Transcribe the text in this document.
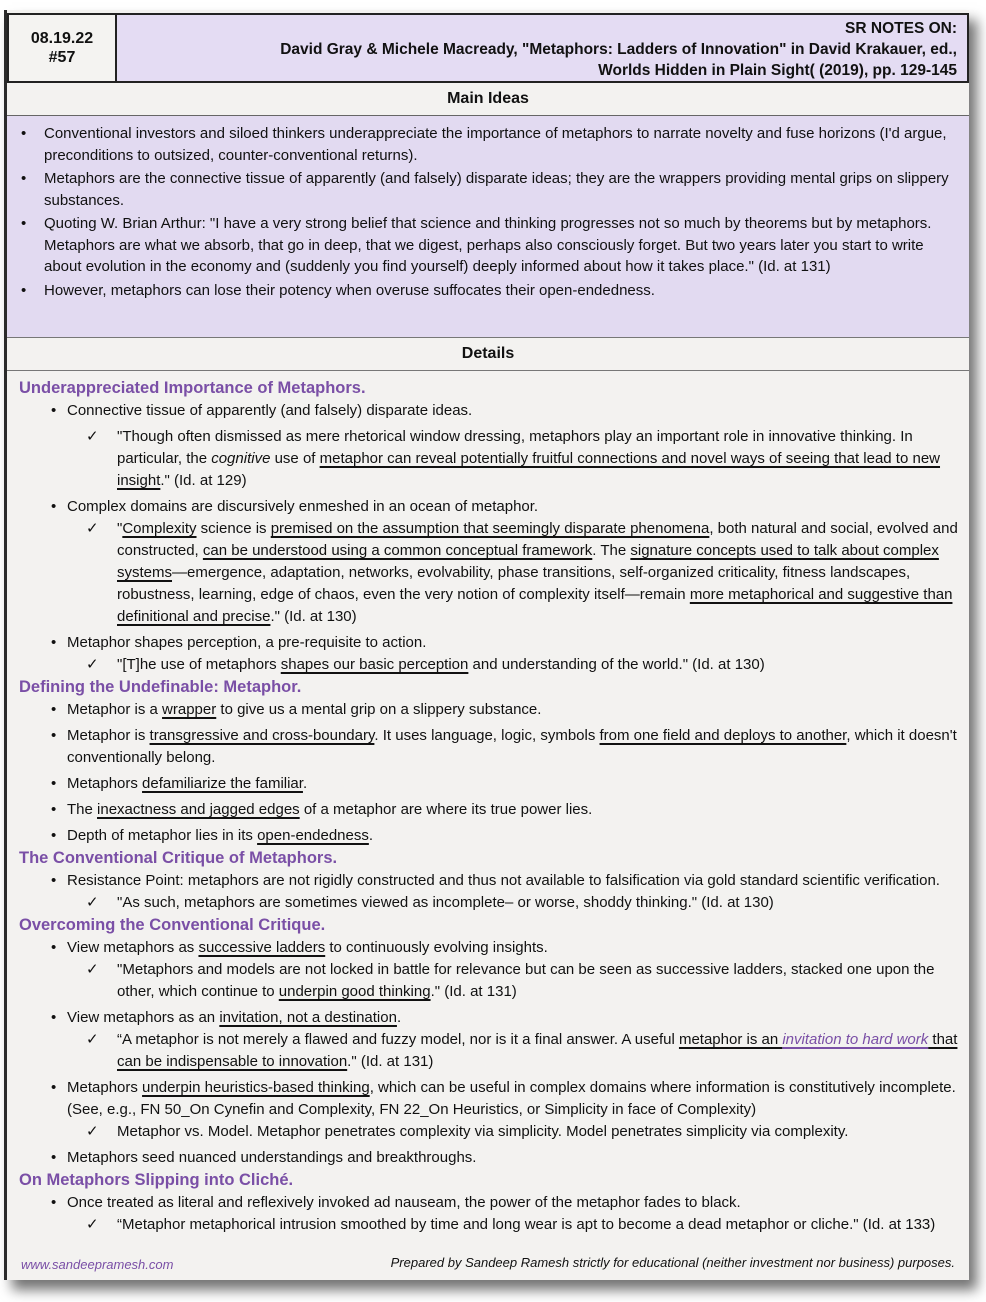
08.19.22
#57
SR NOTES ON:
David Gray & Michele Macready, "Metaphors: Ladders of Innovation" in David Krakauer, ed.,
Worlds Hidden in Plain Sight( (2019), pp. 129-145
Main Ideas
• Conventional investors and siloed thinkers underappreciate the importance of metaphors to narrate novelty and fuse horizons (I'd argue, preconditions to outsized, counter-conventional returns).
• Metaphors are the connective tissue of apparently (and falsely) disparate ideas; they are the wrappers providing mental grips on slippery substances.
• Quoting W. Brian Arthur: "I have a very strong belief that science and thinking progresses not so much by theorems but by metaphors. Metaphors are what we absorb, that go in deep, that we digest, perhaps also consciously forget. But two years later you start to write about evolution in the economy and (suddenly you find yourself) deeply informed about how it takes place." (Id. at 131)
• However, metaphors can lose their potency when overuse suffocates their open-endedness.
Details
Underappreciated Importance of Metaphors.
• Connective tissue of apparently (and falsely) disparate ideas.
✓ "Though often dismissed as mere rhetorical window dressing, metaphors play an important role in innovative thinking. In particular, the cognitive use of metaphor can reveal potentially fruitful connections and novel ways of seeing that lead to new insight." (Id. at 129)
• Complex domains are discursively enmeshed in an ocean of metaphor.
✓ "Complexity science is premised on the assumption that seemingly disparate phenomena, both natural and social, evolved and constructed, can be understood using a common conceptual framework. The signature concepts used to talk about complex systems—emergence, adaptation, networks, evolvability, phase transitions, self-organized criticality, fitness landscapes, robustness, learning, edge of chaos, even the very notion of complexity itself—remain more metaphorical and suggestive than definitional and precise." (Id. at 130)
• Metaphor shapes perception, a pre-requisite to action.
✓ "[T]he use of metaphors shapes our basic perception and understanding of the world." (Id. at 130)
Defining the Undefinable: Metaphor.
• Metaphor is a wrapper to give us a mental grip on a slippery substance.
• Metaphor is transgressive and cross-boundary. It uses language, logic, symbols from one field and deploys to another, which it doesn't conventionally belong.
• Metaphors defamiliarize the familiar.
• The inexactness and jagged edges of a metaphor are where its true power lies.
• Depth of metaphor lies in its open-endedness.
The Conventional Critique of Metaphors.
• Resistance Point: metaphors are not rigidly constructed and thus not available to falsification via gold standard scientific verification.
✓ "As such, metaphors are sometimes viewed as incomplete– or worse, shoddy thinking." (Id. at 130)
Overcoming the Conventional Critique.
• View metaphors as successive ladders to continuously evolving insights.
✓ "Metaphors and models are not locked in battle for relevance but can be seen as successive ladders, stacked one upon the other, which continue to underpin good thinking." (Id. at 131)
• View metaphors as an invitation, not a destination.
✓ “A metaphor is not merely a flawed and fuzzy model, nor is it a final answer. A useful metaphor is an invitation to hard work that can be indispensable to innovation." (Id. at 131)
• Metaphors underpin heuristics-based thinking, which can be useful in complex domains where information is constitutively incomplete. (See, e.g., FN 50_On Cynefin and Complexity, FN 22_On Heuristics, or Simplicity in face of Complexity)
✓ Metaphor vs. Model. Metaphor penetrates complexity via simplicity. Model penetrates simplicity via complexity.
• Metaphors seed nuanced understandings and breakthroughs.
On Metaphors Slipping into Cliché.
• Once treated as literal and reflexively invoked ad nauseam, the power of the metaphor fades to black.
✓ “Metaphor metaphorical intrusion smoothed by time and long wear is apt to become a dead metaphor or cliche." (Id. at 133)
www.sandeepramesh.com	Prepared by Sandeep Ramesh strictly for educational (neither investment nor business) purposes.
